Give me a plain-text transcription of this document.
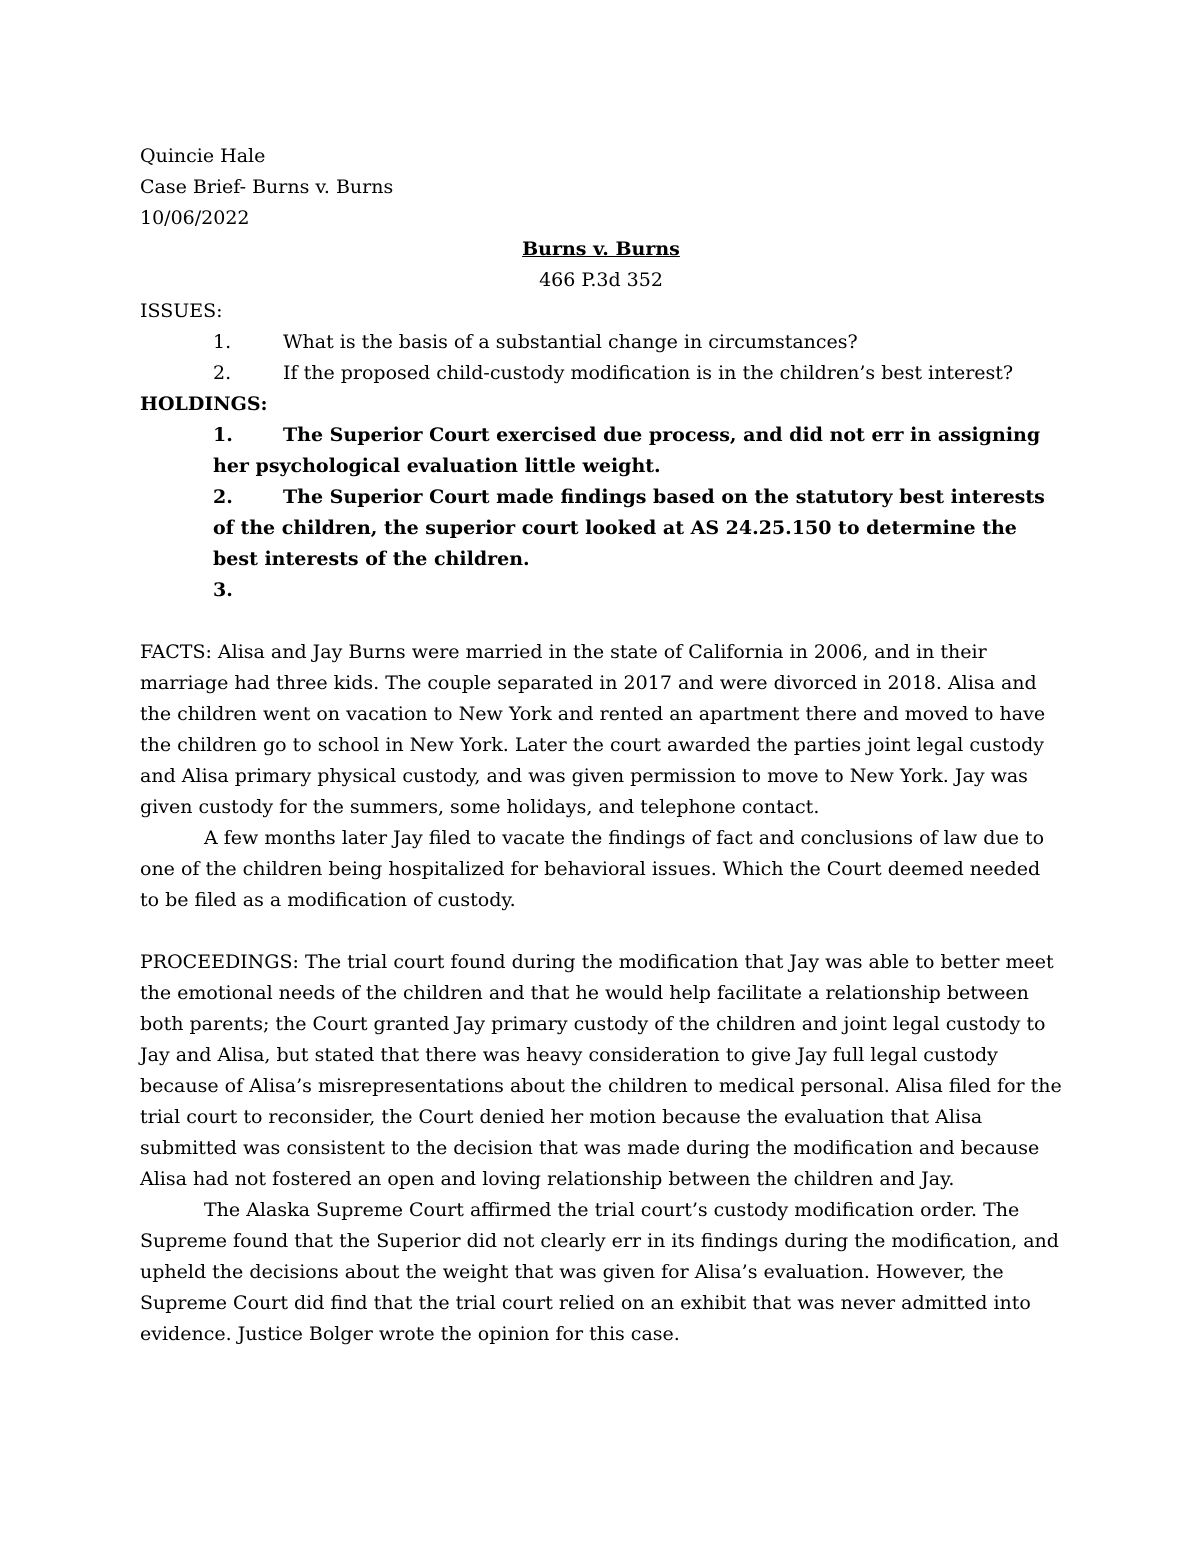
Quincie Hale
Case Brief- Burns v. Burns
10/06/2022
Burns v. Burns
466 P.3d 352
ISSUES:
1.	What is the basis of a substantial change in circumstances?
2.	If the proposed child-custody modification is in the children’s best interest?
HOLDINGS:

1.	The Superior Court exercised due process, and did not err in assigning her psychological evaluation little weight.

2.	The Superior Court made findings based on the statutory best interests of the children, the superior court looked at AS 24.25.150 to determine the best interests of the children.

3.

FACTS: Alisa and Jay Burns were married in the state of California in 2006, and in their marriage had three kids. The couple separated in 2017 and were divorced in 2018. Alisa and the children went on vacation to New York and rented an apartment there and moved to have the children go to school in New York. Later the court awarded the parties joint legal custody and Alisa primary physical custody, and was given permission to move to New York. Jay was given custody for the summers, some holidays, and telephone contact.

A few months later Jay filed to vacate the findings of fact and conclusions of law due to one of the children being hospitalized for behavioral issues. Which the Court deemed needed to be filed as a modification of custody.

PROCEEDINGS: The trial court found during the modification that Jay was able to better meet the emotional needs of the children and that he would help facilitate a relationship between both parents; the Court granted Jay primary custody of the children and joint legal custody to Jay and Alisa, but stated that there was heavy consideration to give Jay full legal custody because of Alisa’s misrepresentations about the children to medical personal. Alisa filed for the trial court to reconsider, the Court denied her motion because the evaluation that Alisa submitted was consistent to the decision that was made during the modification and because Alisa had not fostered an open and loving relationship between the children and Jay.

The Alaska Supreme Court affirmed the trial court’s custody modification order. The Supreme found that the Superior did not clearly err in its findings during the modification, and upheld the decisions about the weight that was given for Alisa’s evaluation. However, the Supreme Court did find that the trial court relied on an exhibit that was never admitted into evidence. Justice Bolger wrote the opinion for this case.
